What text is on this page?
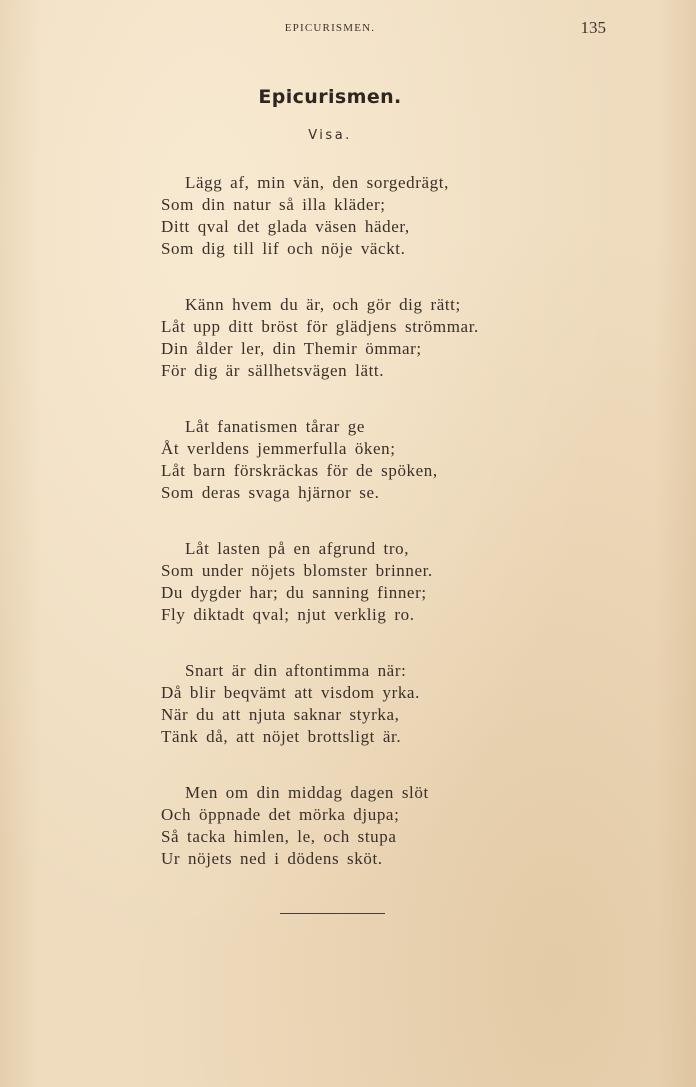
EPICURISMEN.	135
Epicurismen.
Visa.
Lägg af, min vän, den sorgedrägt,
Som din natur så illa kläder;
Ditt qval det glada väsen häder,
Som dig till lif och nöje väckt.
Känn hvem du är, och gör dig rätt;
Låt upp ditt bröst för glädjens strömmar.
Din ålder ler, din Themir ömmar;
För dig är sällhetsvägen lätt.
Låt fanatismen tårar ge
Åt verldens jemmerfulla öken;
Låt barn förskräckas för de spöken,
Som deras svaga hjärnor se.
Låt lasten på en afgrund tro,
Som under nöjets blomster brinner.
Du dygder har; du sanning finner;
Fly diktadt qval; njut verklig ro.
Snart är din aftontimma när:
Då blir beqvämt att visdom yrka.
När du att njuta saknar styrka,
Tänk då, att nöjet brottsligt är.
Men om din middag dagen slöt
Och öppnade det mörka djupa;
Så tacka himlen, le, och stupa
Ur nöjets ned i dödens sköt.
